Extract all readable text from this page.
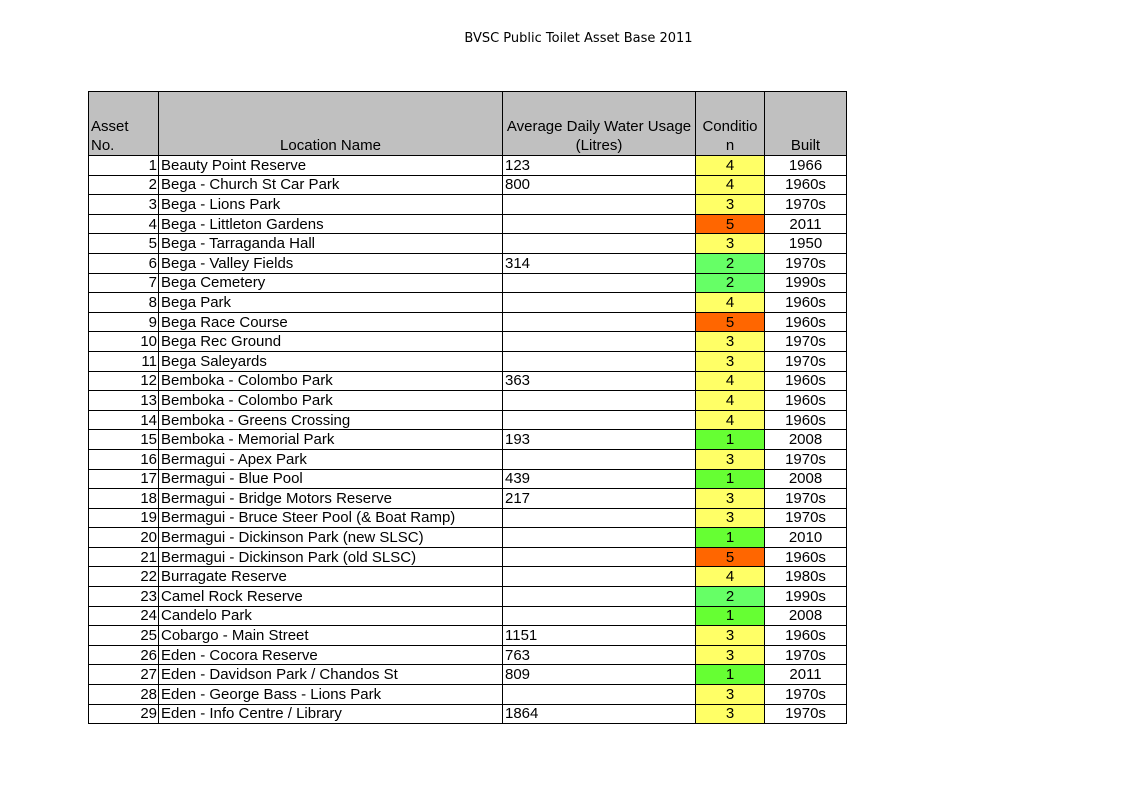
BVSC Public Toilet Asset Base 2011
Asset No.	Location Name	Average Daily Water Usage (Litres)	Conditio n	Built
1	Beauty Point Reserve	123	4	1966
2	Bega - Church St Car Park	800	4	1960s
3	Bega - Lions Park		3	1970s
4	Bega - Littleton Gardens		5	2011
5	Bega - Tarraganda Hall		3	1950
6	Bega - Valley Fields	314	2	1970s
7	Bega Cemetery		2	1990s
8	Bega Park		4	1960s
9	Bega Race Course		5	1960s
10	Bega Rec Ground		3	1970s
11	Bega Saleyards		3	1970s
12	Bemboka - Colombo Park	363	4	1960s
13	Bemboka - Colombo Park		4	1960s
14	Bemboka - Greens Crossing		4	1960s
15	Bemboka - Memorial Park	193	1	2008
16	Bermagui - Apex Park		3	1970s
17	Bermagui - Blue Pool	439	1	2008
18	Bermagui - Bridge Motors Reserve	217	3	1970s
19	Bermagui - Bruce Steer Pool (& Boat Ramp)		3	1970s
20	Bermagui - Dickinson Park (new SLSC)		1	2010
21	Bermagui - Dickinson Park (old SLSC)		5	1960s
22	Burragate Reserve		4	1980s
23	Camel Rock Reserve		2	1990s
24	Candelo Park		1	2008
25	Cobargo - Main Street	1151	3	1960s
26	Eden - Cocora Reserve	763	3	1970s
27	Eden - Davidson Park / Chandos St	809	1	2011
28	Eden - George Bass - Lions Park		3	1970s
29	Eden - Info Centre / Library	1864	3	1970s
